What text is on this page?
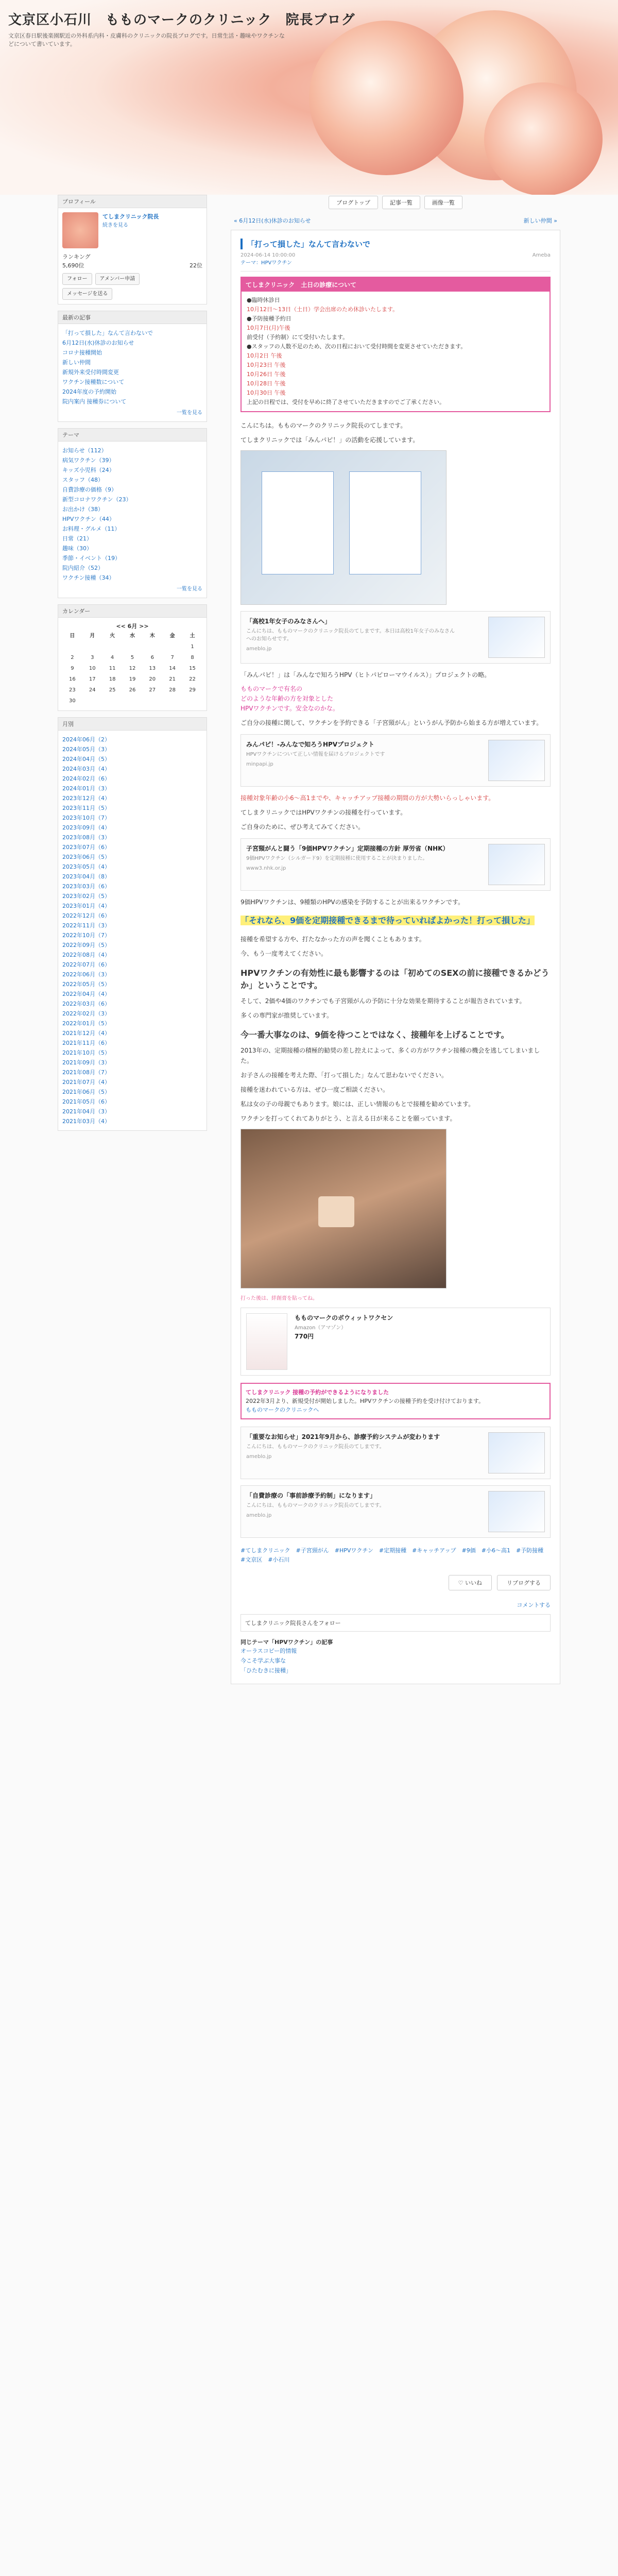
文京区小石川　もものマークのクリニック　院長ブログ
文京区春日駅後楽園駅近の外科系内科・皮膚科のクリニックの院長ブログです。日常生活・趣味やワクチンなどについて書いています。
プロフィール
てしまクリニック院長
続きを見る
ランキング
5,690位	22位
フォロー	アメンバー申請
メッセージを送る
最新の記事
「打って損した」なんて言わないで
6月12日(水)休診のお知らせ
コロナ接種開始
新しい仲間
新規外来受付時間変更
ワクチン接種数について
2024年度の予約開始
院内案内 接種券について
一覧を見る
テーマ
お知らせ（112）
病気ワクチン（39）
キッズ小児科（24）
スタッフ（48）
自費診療の価格（9）
新型コロナワクチン（23）
お出かけ（38）
HPVワクチン（44）
お料理・グルメ（11）
日常（21）
趣味（30）
季節・イベント（19）
院内紹介（52）
ワクチン接種（34）
一覧を見る
カレンダー
<< 6月 >>
日	月	火	水	木	金	土
						1
2	3	4	5	6	7	8
9	10	11	12	13	14	15
16	17	18	19	20	21	22
23	24	25	26	27	28	29
30						
月別
2024年06月（2）
2024年05月（3）
2024年04月（5）
2024年03月（4）
2024年02月（6）
2024年01月（3）
2023年12月（4）
2023年11月（5）
2023年10月（7）
2023年09月（4）
2023年08月（3）
2023年07月（6）
2023年06月（5）
2023年05月（4）
2023年04月（8）
2023年03月（6）
2023年02月（5）
2023年01月（4）
2022年12月（6）
2022年11月（3）
2022年10月（7）
2022年09月（5）
2022年08月（4）
2022年07月（6）
2022年06月（3）
2022年05月（5）
2022年04月（4）
2022年03月（6）
2022年02月（3）
2022年01月（5）
2021年12月（4）
2021年11月（6）
2021年10月（5）
2021年09月（3）
2021年08月（7）
2021年07月（4）
2021年06月（5）
2021年05月（6）
2021年04月（3）
2021年03月（4）
ブログトップ	記事一覧	画像一覧
« 6月12日(水)休診のお知らせ	新しい仲間 »
「打って損した」なんて言わないで
2024-06-14 10:00:00
テーマ：HPVワクチン
Ameba
てしまクリニック　土日の診療について
●臨時休診日
10月12日〜13日（土日）学会出席のため休診いたします。
●予防接種予約日
10月7日(月)午後
前受付（予約制）にて受付いたします。
●スタッフの人数不足のため、次の日程において受付時間を変更させていただきます。
10月2日 午後
10月23日 午後
10月26日 午後
10月28日 午後
10月30日 午後
上記の日程では、受付を早めに終了させていただきますのでご了承ください。
こんにちは。もものマークのクリニック院長のてしまです。
てしまクリニックでは「みんパピ！」の活動を応援しています。
「高校1年女子のみなさんへ」
こんにちは、もものマークのクリニック院長のてしまです。本日は高校1年女子のみなさんへのお知らせです。
ameblo.jp
「みんパピ！」は「みんなで知ろうHPV（ヒトパピローマウイルス）」プロジェクトの略。
もものマークで有名の
どのような年齢の方を対象とした
HPVワクチンです。安全なのかな。
ご自分の接種に関して、ワクチンを予約できる「子宮頸がん」というがん予防から始まる方が増えています。
みんパピ！-みんなで知ろうHPVプロジェクト
HPVワクチンについて正しい情報を届けるプロジェクトです
minpapi.jp
接種対象年齢の小6〜高1までや、キャッチアップ接種の期間の方が大勢いらっしゃいます。
てしまクリニックではHPVワクチンの接種を行っています。
ご自身のために、ぜひ考えてみてください。
子宮頸がんと闘う「9価HPVワクチン」定期接種の方針 厚労省（NHK）
9価HPVワクチン（シルガード9）を定期接種に使用することが決まりました。
www3.nhk.or.jp
9価HPVワクチンは、9種類のHPVの感染を予防することが出来るワクチンです。
「それなら、9価を定期接種できるまで待っていればよかった！打って損した」
接種を希望する方や、打たなかった方の声を聞くこともあります。
今、もう一度考えてください。
HPVワクチンの有効性に最も影響するのは「初めてのSEXの前に接種できるかどうか」ということです。
そして、2価や4価のワクチンでも子宮頸がんの予防に十分な効果を期待することが報告されています。
多くの専門家が推奨しています。
今一番大事なのは、9価を待つことではなく、接種年を上げることです。
2013年の、定期接種の積極的勧奨の差し控えによって、多くの方がワクチン接種の機会を逃してしまいました。
お子さんの接種を考えた際、「打って損した」なんて思わないでください。
接種を迷われている方は、ぜひ一度ご相談ください。
私は女の子の母親でもあります。娘には、正しい情報のもとで接種を勧めています。
ワクチンを打ってくれてありがとう、と言える日が来ることを願っています。
打った後は、絆創膏を貼ってね。
もものマークのボウィットワクセン
Amazon（アマゾン）
770円
てしまクリニック 接種の予約ができるようになりました
2022年3月より、新規受付が開始しました。HPVワクチンの接種予約を受け付けております。
もものマークのクリニックへ
「重要なお知らせ」2021年9月から、診療予約システムが変わります
こんにちは、もものマークのクリニック院長のてしまです。
ameblo.jp
「自費診療の「事前診療予約制」になります」
こんにちは、もものマークのクリニック院長のてしまです。
ameblo.jp
#てしまクリニック　#子宮頸がん　#HPVワクチン　#定期接種　#キャッチアップ　#9価　#小6〜高1　#予防接種　#文京区　#小石川
♡ いいね	リブログする
コメントする
てしまクリニック院長さんをフォロー
同じテーマ「HPVワクチン」の記事
オーラスコピー的情報
今こそ学ぶ大事な
「ひたむきに接種」
